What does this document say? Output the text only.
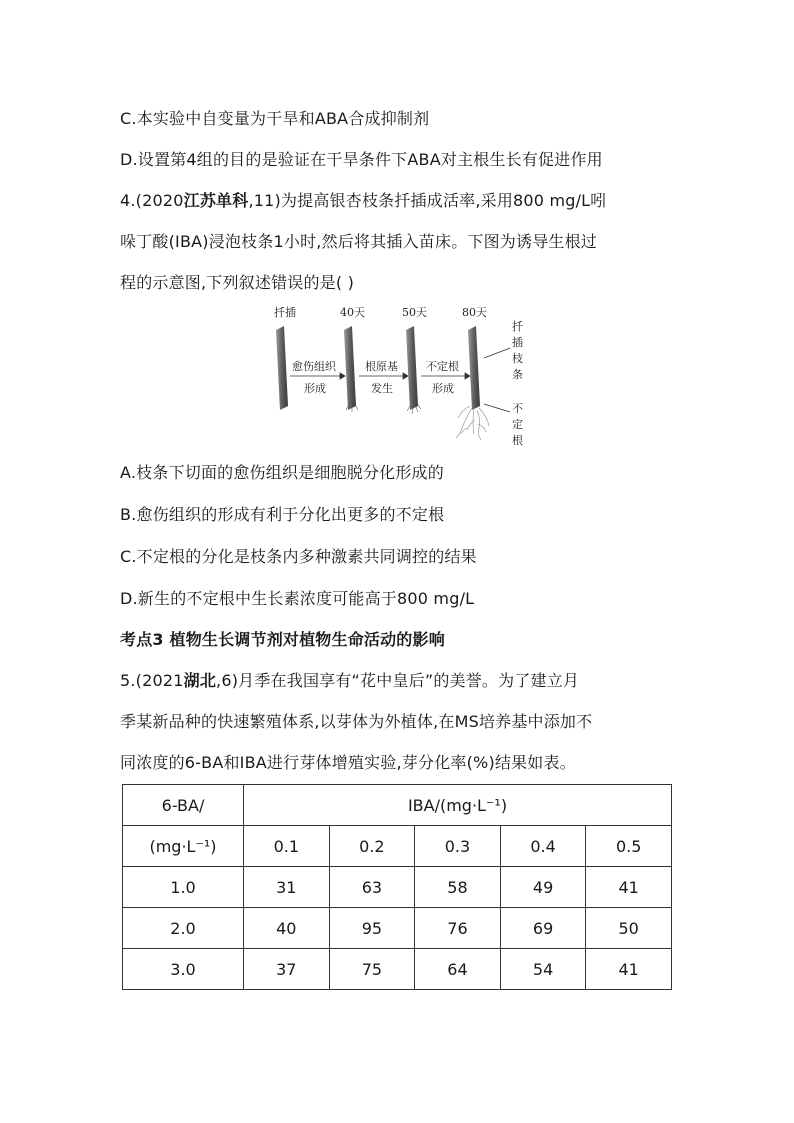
C.本实验中自变量为干旱和ABA合成抑制剂
D.设置第4组的目的是验证在干旱条件下ABA对主根生长有促进作用
4.(2020江苏单科,11)为提高银杏枝条扦插成活率,采用800 mg/L吲
哚丁酸(IBA)浸泡枝条1小时,然后将其插入苗床。下图为诱导生根过
程的示意图,下列叙述错误的是( )
扦插	40天	50天	80天
愈伤组织
形成
根原基
发生
不定根
形成
扦
插
枝
条
不
定
根
A.枝条下切面的愈伤组织是细胞脱分化形成的
B.愈伤组织的形成有利于分化出更多的不定根
C.不定根的分化是枝条内多种激素共同调控的结果
D.新生的不定根中生长素浓度可能高于800 mg/L
考点3 植物生长调节剂对植物生命活动的影响
5.(2021湖北,6)月季在我国享有“花中皇后”的美誉。为了建立月
季某新品种的快速繁殖体系,以芽体为外植体,在MS培养基中添加不
同浓度的6-BA和IBA进行芽体增殖实验,芽分化率(%)结果如表。
6-BA/	IBA/(mg·L⁻¹)				
(mg·L⁻¹)	0.1	0.2	0.3	0.4	0.5
1.0	31	63	58	49	41
2.0	40	95	76	69	50
3.0	37	75	64	54	41
